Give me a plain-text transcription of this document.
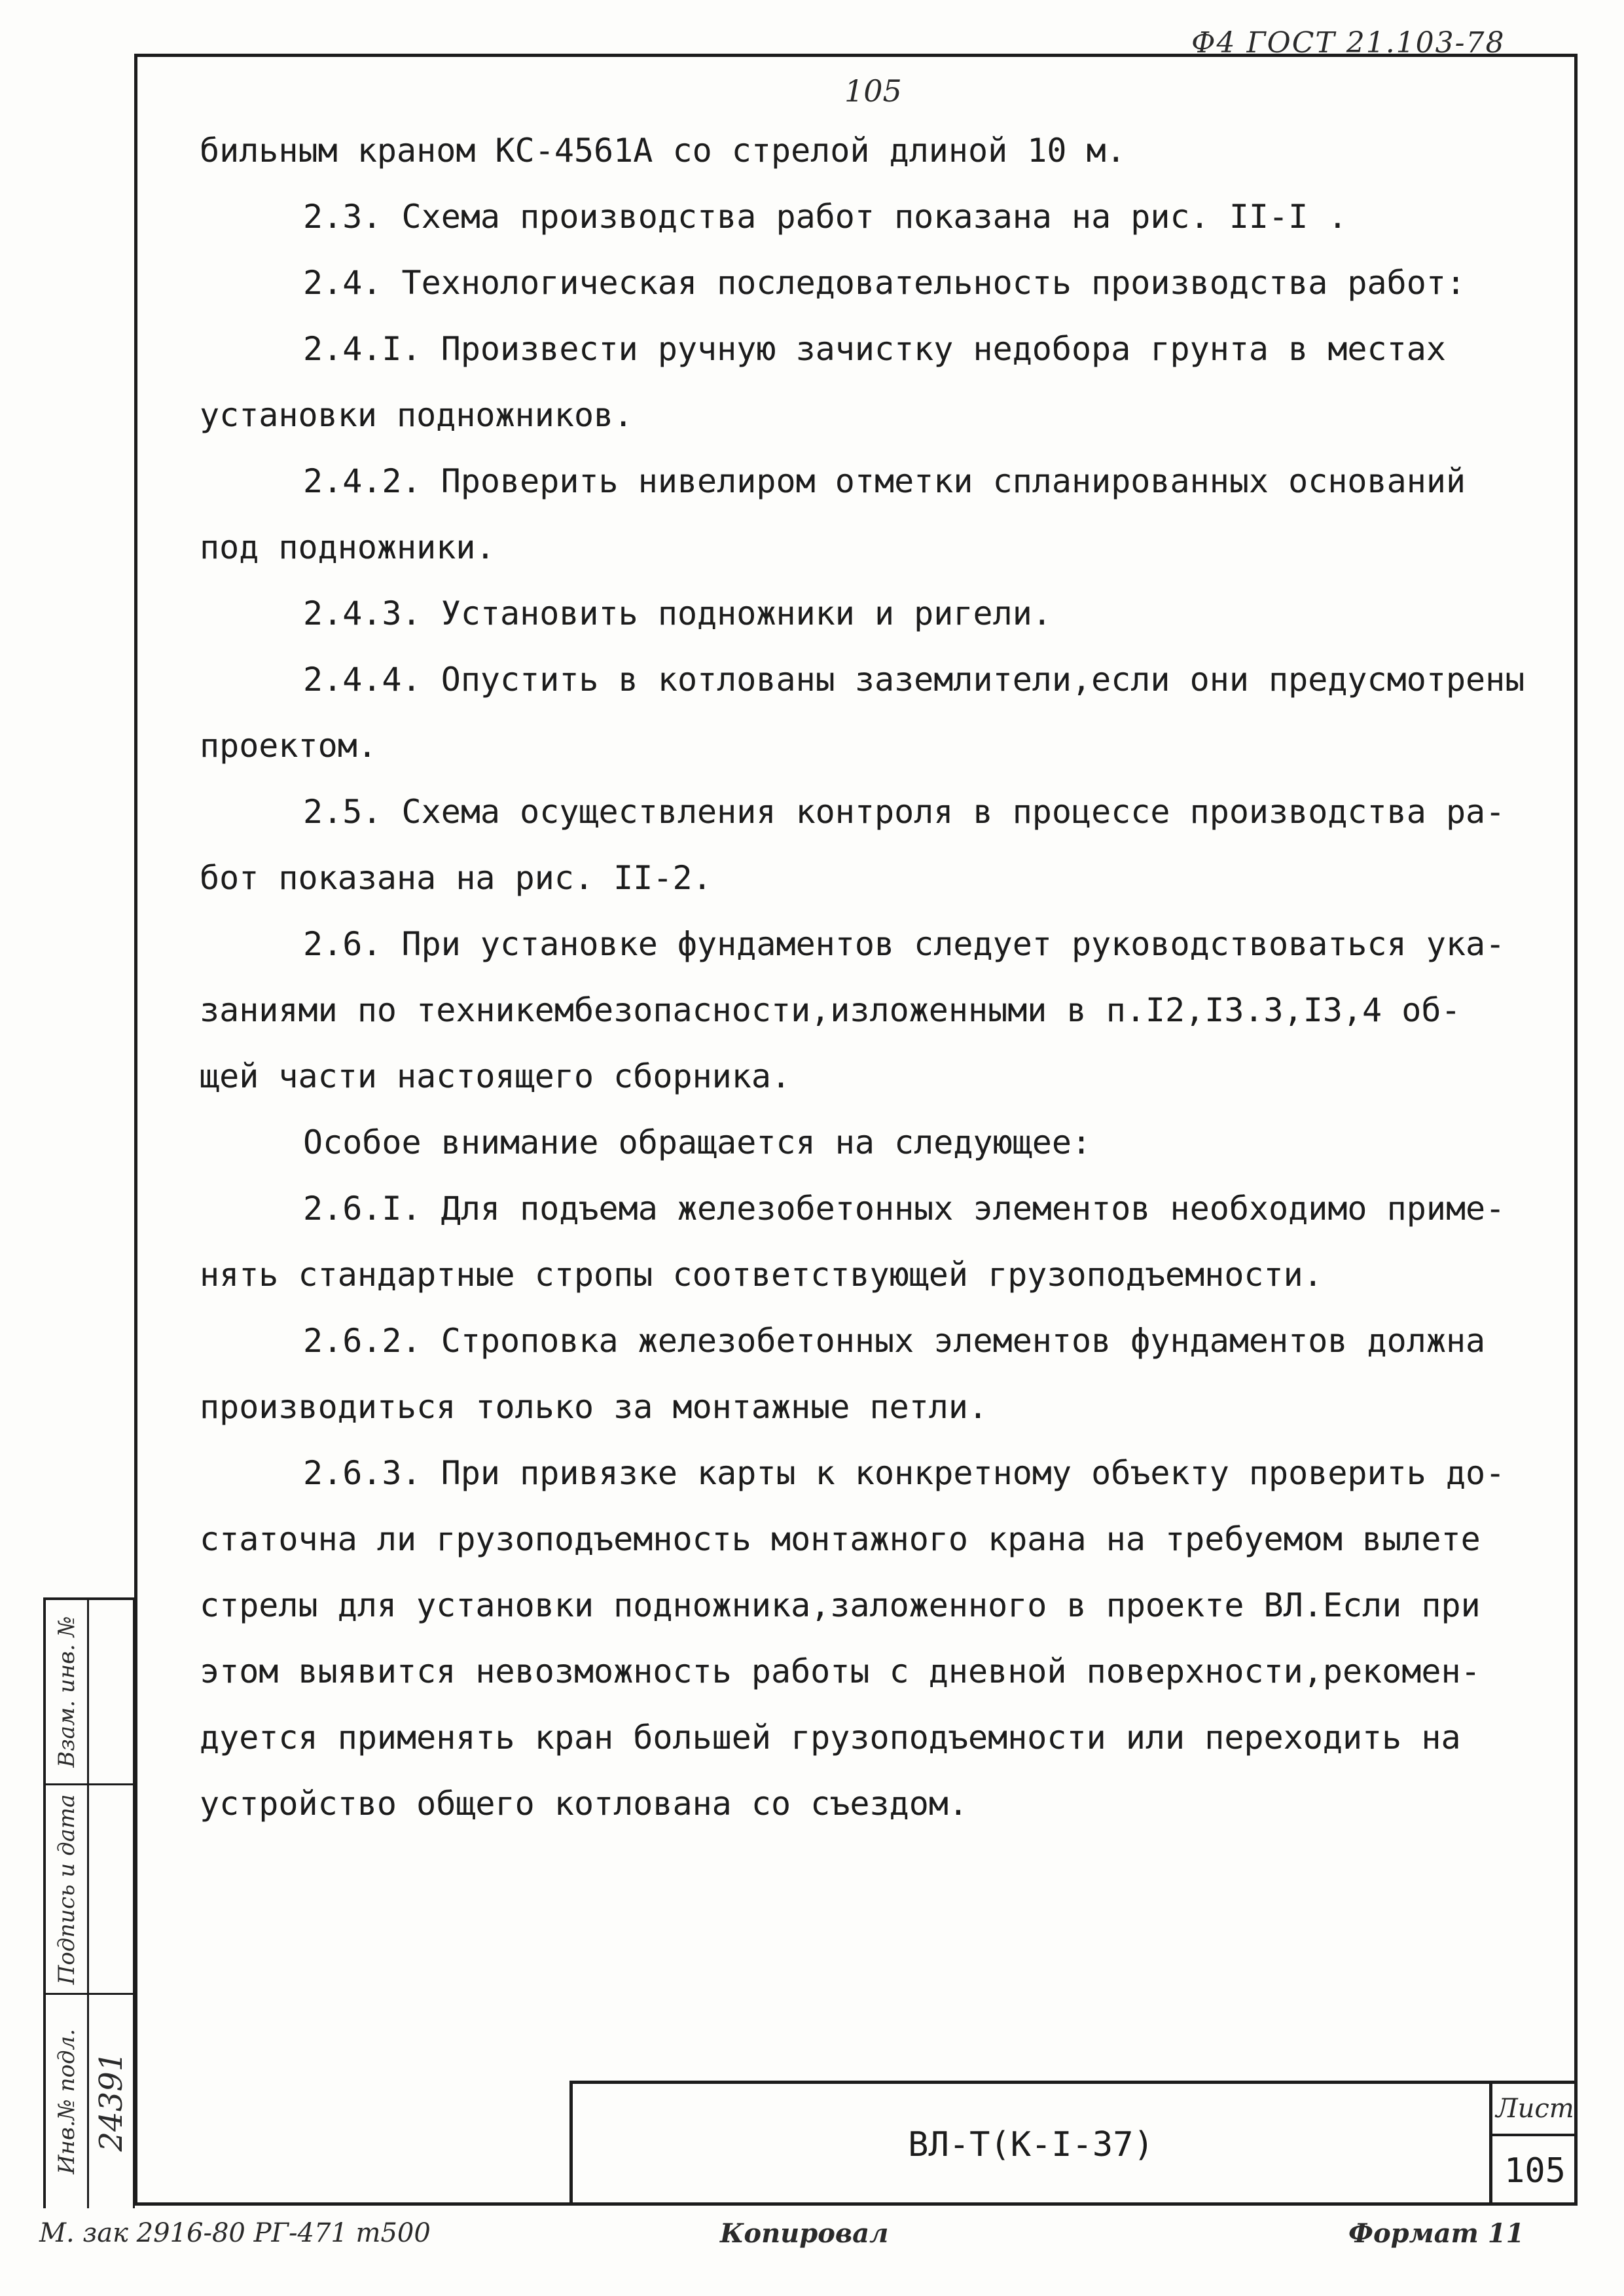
Ф4 ГОСТ 21.103-78
105

бильным краном КС-4561А со стрелой длиной 10 м.

2.3. Схема производства работ показана на рис. II-I .

2.4. Технологическая последовательность производства работ:

2.4.I. Произвести ручную зачистку недобора грунта в местах

установки подножников.

2.4.2. Проверить нивелиром отметки спланированных оснований

под подножники.

2.4.3. Установить подножники и ригели.

2.4.4. Опустить в котлованы заземлители,если они предусмотрены

проектом.

2.5. Схема осуществления контроля в процессе производства ра-

бот показана на рис. II-2.

2.6. При установке фундаментов следует руководствоваться ука-

заниями по техникембезопасности,изложенными в п.I2,I3.3,I3,4 об-

щей части настоящего сборника.

Особое внимание обращается на следующее:

2.6.I. Для подъема железобетонных элементов необходимо приме-

нять стандартные стропы соответствующей грузоподъемности.

2.6.2. Строповка железобетонных элементов фундаментов должна

производиться только за монтажные петли.

2.6.3. При привязке карты к конкретному объекту проверить до-

статочна ли грузоподъемность монтажного крана на требуемом вылете

стрелы для установки подножника,заложенного в проекте ВЛ.Если при

этом выявится невозможность работы с дневной поверхности,рекомен-

дуется применять кран большей грузоподъемности или переходить на

устройство общего котлована со съездом.

Инв.№ подл.
Подпись и дата
Взам. инв. №
24391	ВЛ-Т(К-I-37)
Лист
105
М. зак 2916-80 РГ-471 т500	Копировал	Формат 11
